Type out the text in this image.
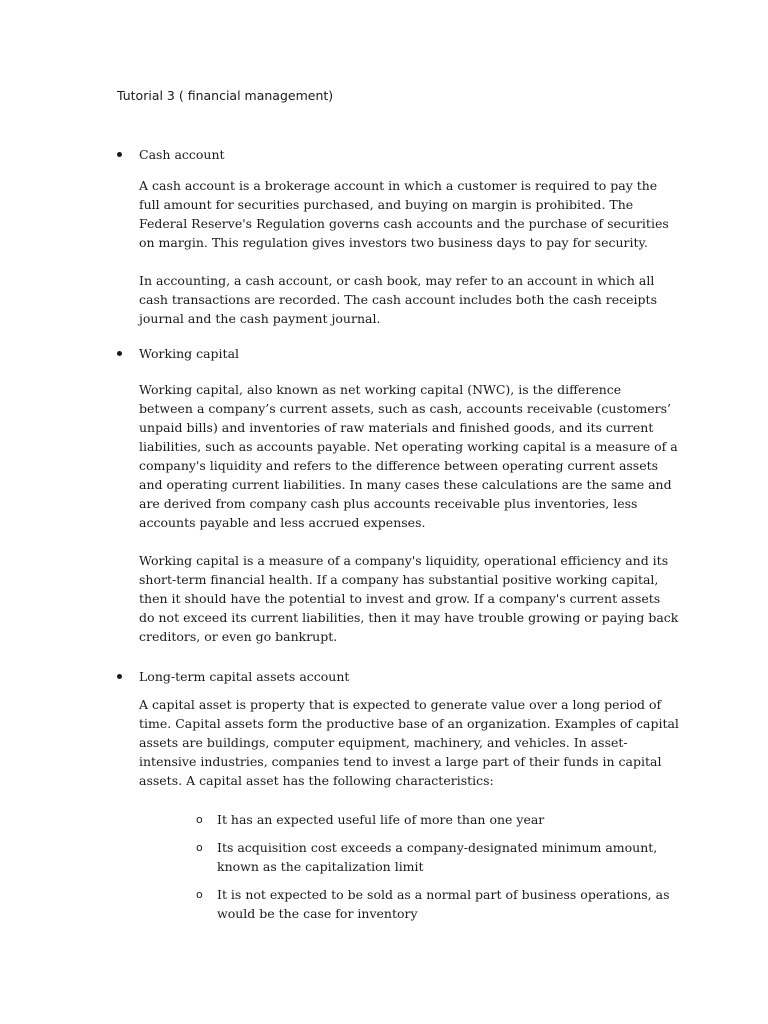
Tutorial 3 ( financial management)
Cash account

A cash account is a brokerage account in which a customer is required to pay the full amount for securities purchased, and buying on margin is prohibited. The Federal Reserve's Regulation governs cash accounts and the purchase of securities on margin. This regulation gives investors two business days to pay for security.

In accounting, a cash account, or cash book, may refer to an account in which all cash transactions are recorded. The cash account includes both the cash receipts journal and the cash payment journal.

Working capital

Working capital, also known as net working capital (NWC), is the difference between a company’s current assets, such as cash, accounts receivable (customers’ unpaid bills) and inventories of raw materials and finished goods, and its current liabilities, such as accounts payable. Net operating working capital is a measure of a company's liquidity and refers to the difference between operating current assets and operating current liabilities. In many cases these calculations are the same and are derived from company cash plus accounts receivable plus inventories, less accounts payable and less accrued expenses.

Working capital is a measure of a company's liquidity, operational efficiency and its short-term financial health. If a company has substantial positive working capital, then it should have the potential to invest and grow. If a company's current assets do not exceed its current liabilities, then it may have trouble growing or paying back creditors, or even go bankrupt.

Long-term capital assets account

A capital asset is property that is expected to generate value over a long period of time. Capital assets form the productive base of an organization. Examples of capital assets are buildings, computer equipment, machinery, and vehicles. In asset-intensive industries, companies tend to invest a large part of their funds in capital assets. A capital asset has the following characteristics:

o It has an expected useful life of more than one year
o Its acquisition cost exceeds a company-designated minimum amount, known as the capitalization limit
o It is not expected to be sold as a normal part of business operations, as would be the case for inventory
